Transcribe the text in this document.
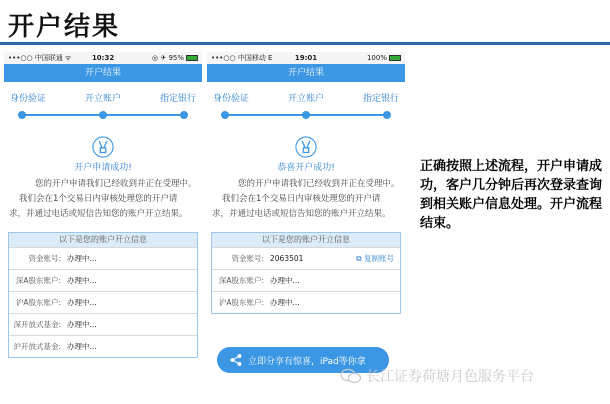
开户结果
•••○○ 中国联通 ᯤ	10:32	◎ ✈ 95%
开户结果
身份验证	开立账户	指定银行
开户申请成功!
您的开户申请我们已经收到并正在受理中。
我们会在1个交易日内审核处理您的开户请
求，并通过电话或短信告知您的账户开立结果。
以下是您的账户开立信息
资金账号: 办理中...
深A股东账户: 办理中...
沪A股东账户: 办理中...
深开放式基金: 办理中...
沪开放式基金: 办理中...
•••○○ 中国移动 E	19:01	100%
开户结果
身份验证	开立账户	指定银行
恭喜开户成功!
您的开户申请我们已经收到并正在受理中。
我们会在1个交易日内审核处理您的开户请
求，并通过电话或短信告知您的账户开立结果。
以下是您的账户开立信息
资金账号: 2063501	⧉ 复制账号
深A股东账户: 办理中...
沪A股东账户: 办理中...
立即分享有惊喜，iPad等你拿
正确按照上述流程，开户申请成功，客户几分钟后再次登录查询到相关账户信息处理。开户流程结束。
长江证券荷塘月色服务平台
